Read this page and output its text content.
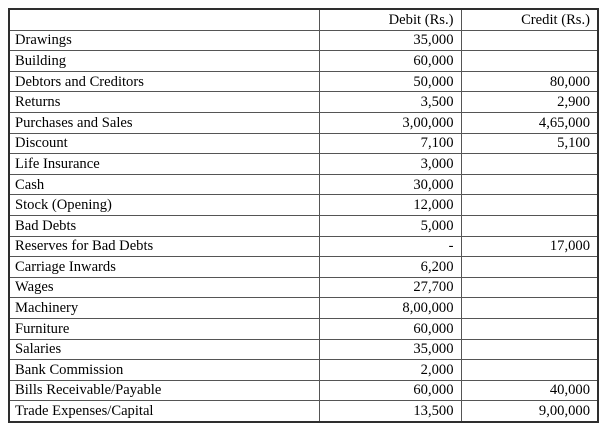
	Debit (Rs.)	Credit (Rs.)
Drawings	35,000	
Building	60,000	
Debtors and Creditors	50,000	80,000
Returns	3,500	2,900
Purchases and Sales	3,00,000	4,65,000
Discount	7,100	5,100
Life Insurance	3,000	
Cash	30,000	
Stock (Opening)	12,000	
Bad Debts	5,000	
Reserves for Bad Debts	-	17,000
Carriage Inwards	6,200	
Wages	27,700	
Machinery	8,00,000	
Furniture	60,000	
Salaries	35,000	
Bank Commission	2,000	
Bills Receivable/Payable	60,000	40,000
Trade Expenses/Capital	13,500	9,00,000
